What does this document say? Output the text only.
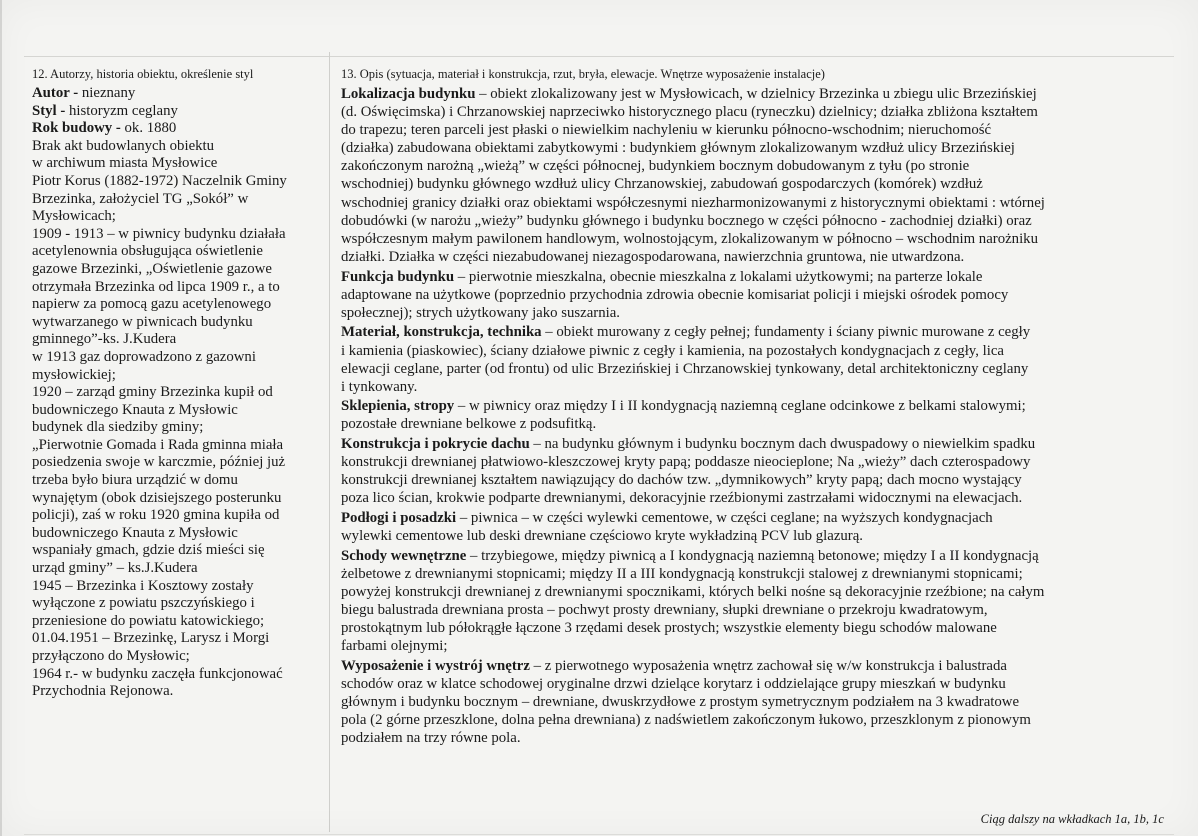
12. Autorzy, historia obiektu, określenie styl
Autor - nieznany
Styl - historyzm ceglany
Rok budowy - ok. 1880
Brak akt budowlanych obiektu
w archiwum miasta Mysłowice
Piotr Korus (1882-1972) Naczelnik Gminy
Brzezinka, założyciel TG „Sokół” w
Mysłowicach;
1909 - 1913 – w piwnicy budynku działała
acetylenownia obsługująca oświetlenie
gazowe Brzezinki, „Oświetlenie gazowe
otrzymała Brzezinka od lipca 1909 r., a to
napierw za pomocą gazu acetylenowego
wytwarzanego w piwnicach budynku
gminnego”-ks. J.Kudera
w 1913 gaz doprowadzono z gazowni
mysłowickiej;
1920 – zarząd gminy Brzezinka kupił od
budowniczego Knauta z Mysłowic
budynek dla siedziby gminy;
„Pierwotnie Gomada i Rada gminna miała
posiedzenia swoje w karczmie, później już
trzeba było biura urządzić w domu
wynajętym (obok dzisiejszego posterunku
policji), zaś w roku 1920 gmina kupiła od
budowniczego Knauta z Mysłowic
wspaniały gmach, gdzie dziś mieści się
urząd gminy” – ks.J.Kudera
1945 – Brzezinka i Kosztowy zostały
wyłączone z powiatu pszczyńskiego i
przeniesione do powiatu katowickiego;
01.04.1951 – Brzezinkę, Larysz i Morgi
przyłączono do Mysłowic;
1964 r.- w budynku zaczęła funkcjonować
Przychodnia Rejonowa.
13. Opis (sytuacja, materiał i konstrukcja, rzut, bryła, elewacje. Wnętrze wyposażenie instalacje)
Lokalizacja budynku – obiekt zlokalizowany jest w Mysłowicach, w dzielnicy Brzezinka u zbiegu ulic Brzezińskiej
(d. Oświęcimska) i Chrzanowskiej naprzeciwko historycznego placu (ryneczku) dzielnicy; działka zbliżona kształtem
do trapezu; teren parceli jest płaski o niewielkim nachyleniu w kierunku północno-wschodnim; nieruchomość
(działka) zabudowana obiektami zabytkowymi : budynkiem głównym zlokalizowanym wzdłuż ulicy Brzezińskiej
zakończonym narożną „wieżą” w części północnej, budynkiem bocznym dobudowanym z tyłu (po stronie
wschodniej) budynku głównego wzdłuż ulicy Chrzanowskiej, zabudowań gospodarczych (komórek) wzdłuż
wschodniej granicy działki oraz obiektami współczesnymi niezharmonizowanymi z historycznymi obiektami : wtórnej
dobudówki (w narożu „wieży” budynku głównego i budynku bocznego w części północno - zachodniej działki) oraz
współczesnym małym pawilonem handlowym, wolnostojącym, zlokalizowanym w północno – wschodnim narożniku
działki. Działka w części niezabudowanej niezagospodarowana, nawierzchnia gruntowa, nie utwardzona.
Funkcja budynku – pierwotnie mieszkalna, obecnie mieszkalna z lokalami użytkowymi; na parterze lokale
adaptowane na użytkowe (poprzednio przychodnia zdrowia obecnie komisariat policji i miejski ośrodek pomocy
społecznej); strych użytkowany jako suszarnia.
Materiał, konstrukcja, technika – obiekt murowany z cegły pełnej; fundamenty i ściany piwnic murowane z cegły
i kamienia (piaskowiec), ściany działowe piwnic z cegły i kamienia, na pozostałych kondygnacjach z cegły, lica
elewacji ceglane, parter (od frontu) od ulic Brzezińskiej i Chrzanowskiej tynkowany, detal architektoniczny ceglany
i tynkowany.
Sklepienia, stropy – w piwnicy oraz między I i II kondygnacją naziemną ceglane odcinkowe z belkami stalowymi;
pozostałe drewniane belkowe z podsufitką.
Konstrukcja i pokrycie dachu – na budynku głównym i budynku bocznym dach dwuspadowy o niewielkim spadku
konstrukcji drewnianej płatwiowo-kleszczowej kryty papą; poddasze nieocieplone; Na „wieży” dach czterospadowy
konstrukcji drewnianej kształtem nawiązujący do dachów tzw. „dymnikowych” kryty papą; dach mocno wystający
poza lico ścian, krokwie podparte drewnianymi, dekoracyjnie rzeźbionymi zastrzałami widocznymi na elewacjach.
Podłogi i posadzki – piwnica – w części wylewki cementowe, w części ceglane; na wyższych kondygnacjach
wylewki cementowe lub deski drewniane częściowo kryte wykładziną PCV lub glazurą.
Schody wewnętrzne – trzybiegowe, między piwnicą a I kondygnacją naziemną betonowe; między I a II kondygnacją
żelbetowe z drewnianymi stopnicami; między II a III kondygnacją konstrukcji stalowej z drewnianymi stopnicami;
powyżej konstrukcji drewnianej z drewnianymi spocznikami, których belki nośne są dekoracyjnie rzeźbione; na całym
biegu balustrada drewniana prosta – pochwyt prosty drewniany, słupki drewniane o przekroju kwadratowym,
prostokątnym lub półokrągłe łączone 3 rzędami desek prostych; wszystkie elementy biegu schodów malowane
farbami olejnymi;
Wyposażenie i wystrój wnętrz – z pierwotnego wyposażenia wnętrz zachował się w/w konstrukcja i balustrada
schodów oraz w klatce schodowej oryginalne drzwi dzielące korytarz i oddzielające grupy mieszkań w budynku
głównym i budynku bocznym – drewniane, dwuskrzydłowe z prostym symetrycznym podziałem na 3 kwadratowe
pola (2 górne przeszklone, dolna pełna drewniana) z nadświetlem zakończonym łukowo, przeszklonym z pionowym
podziałem na trzy równe pola.
Ciąg dalszy na wkładkach 1a, 1b, 1c
